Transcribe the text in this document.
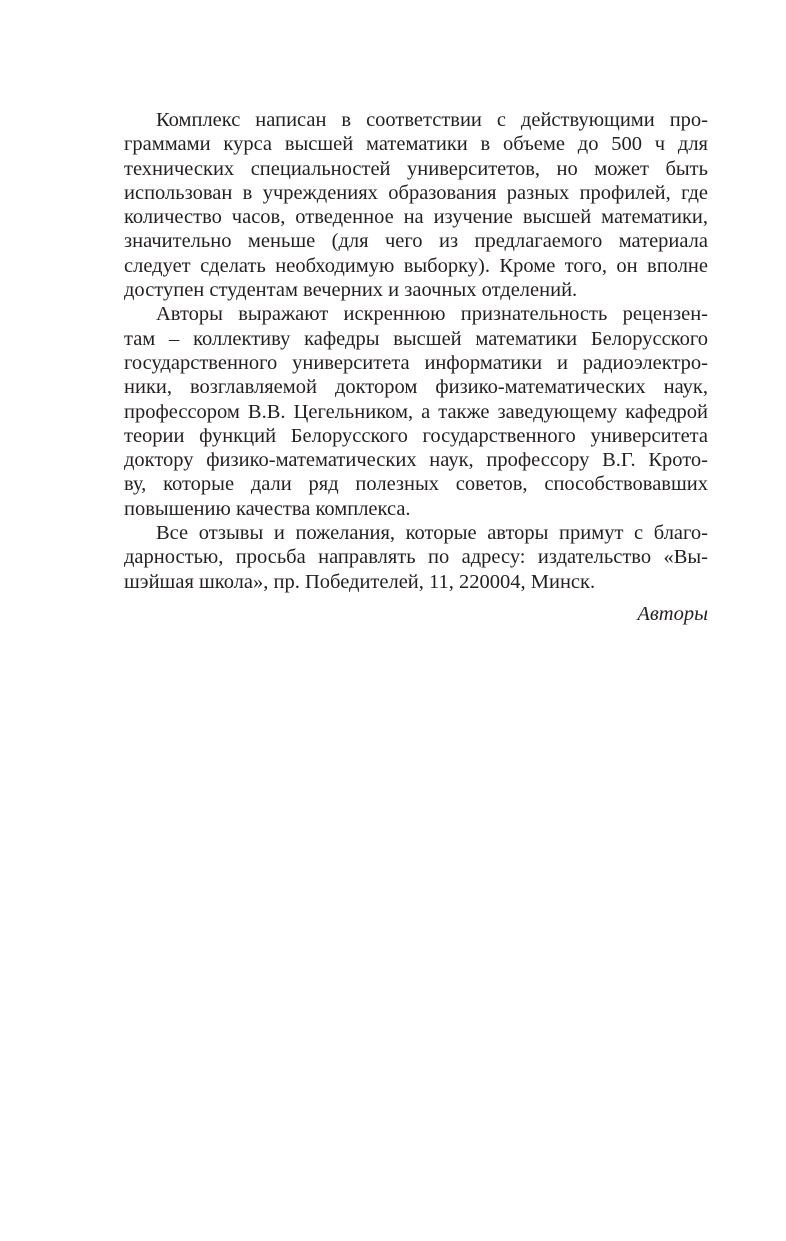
Комплекс написан в соответствии с действующими про-
граммами курса высшей математики в объеме до 500 ч для
технических специальностей университетов, но может быть
использован в учреждениях образования разных профилей, где
количество часов, отведенное на изучение высшей математики,
значительно меньше (для чего из предлагаемого материала
следует сделать необходимую выборку). Кроме того, он вполне
доступен студентам вечерних и заочных отделений.
Авторы выражают искреннюю признательность рецензен-
там – коллективу кафедры высшей математики Белорусского
государственного университета информатики и радиоэлектро-
ники, возглавляемой доктором физико-математических наук,
профессором В.В. Цегельником, а также заведующему кафедрой
теории функций Белорусского государственного университета
доктору физико-математических наук, профессору В.Г. Крото-
ву, которые дали ряд полезных советов, способствовавших
повышению качества комплекса.
Все отзывы и пожелания, которые авторы примут с благо-
дарностью, просьба направлять по адресу: издательство «Вы-
шэйшая школа», пр. Победителей, 11, 220004, Минск.
Авторы
